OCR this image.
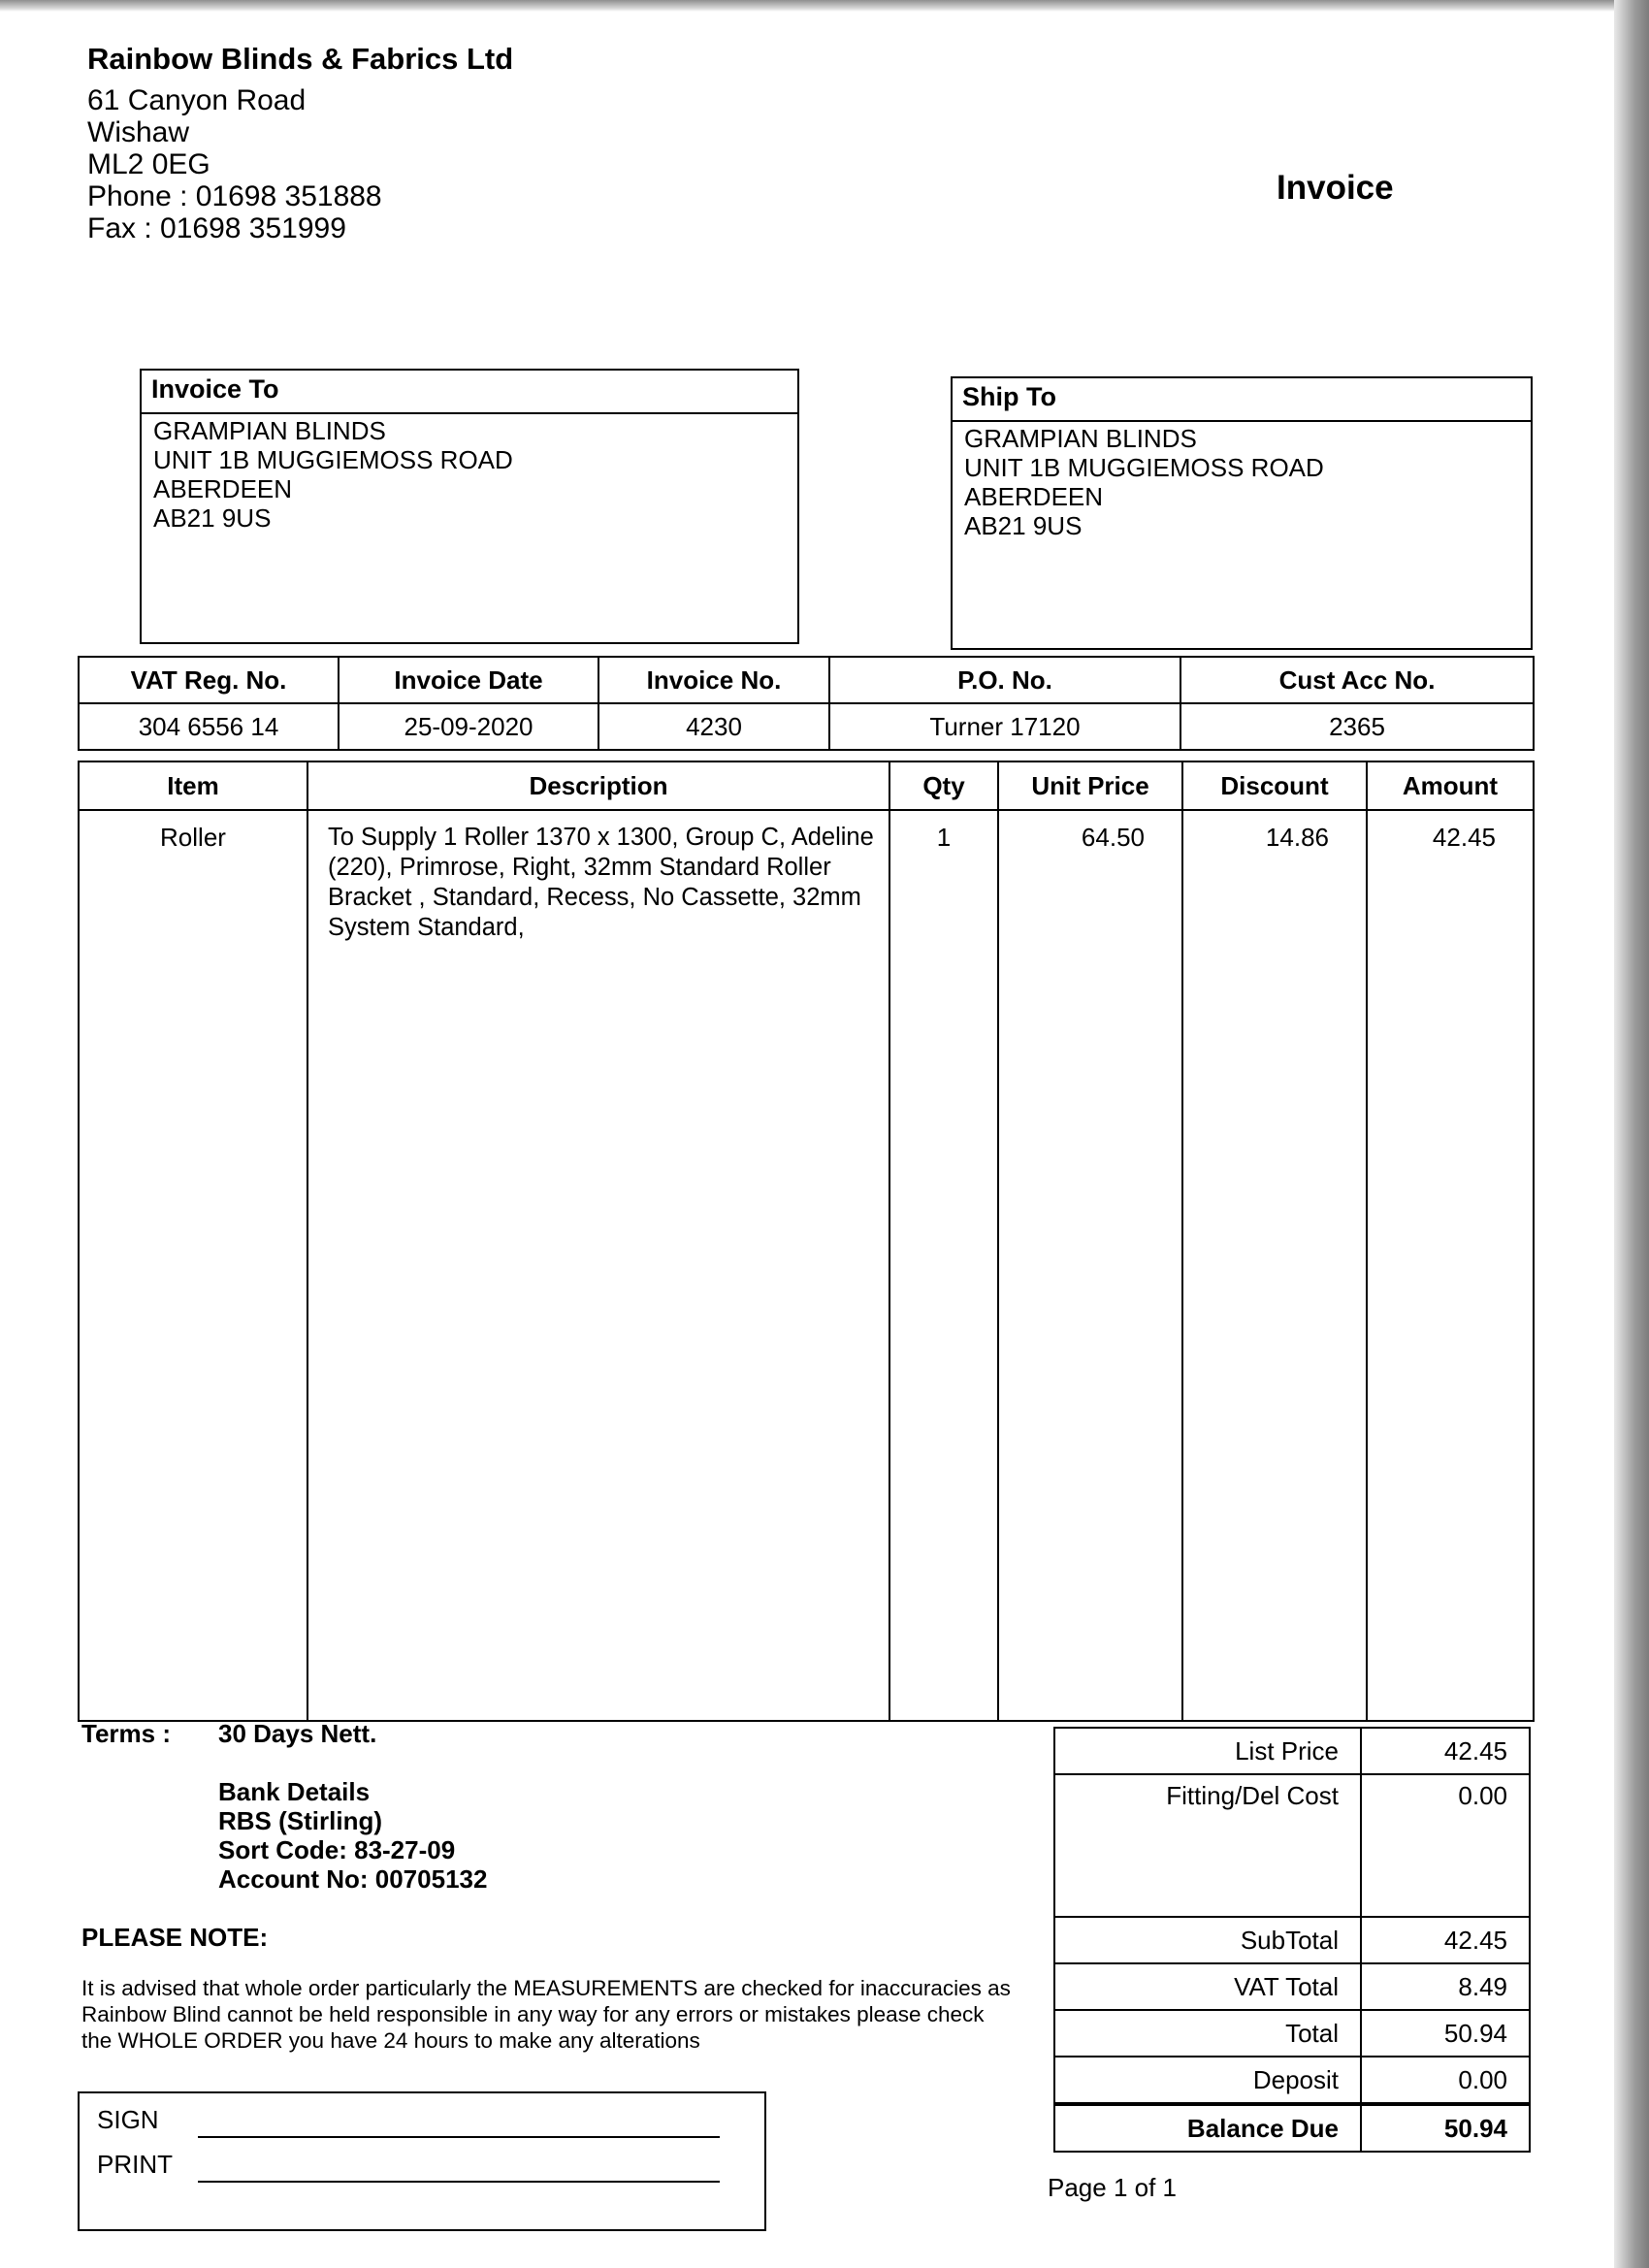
Rainbow Blinds & Fabrics Ltd
61 Canyon Road
Wishaw
ML2 0EG
Phone : 01698 351888
Fax : 01698 351999
Invoice
Invoice To
GRAMPIAN BLINDS
UNIT 1B MUGGIEMOSS ROAD
ABERDEEN
AB21 9US
Ship To
GRAMPIAN BLINDS
UNIT 1B MUGGIEMOSS ROAD
ABERDEEN
AB21 9US
VAT Reg. No.	Invoice Date	Invoice No.	P.O. No.	Cust Acc No.
304 6556 14	25-09-2020	4230	Turner 17120	2365
Item	Description	Qty	Unit Price	Discount	Amount
Roller	To Supply 1 Roller 1370 x 1300, Group C, Adeline (220), Primrose, Right, 32mm Standard Roller Bracket , Standard, Recess, No Cassette, 32mm System Standard,	1	64.50	14.86	42.45
Terms : 30 Days Nett.
Bank Details
RBS (Stirling)
Sort Code: 83-27-09
Account No: 00705132
PLEASE NOTE:
It is advised that whole order particularly the MEASUREMENTS are checked for inaccuracies as Rainbow Blind cannot be held responsible in any way for any errors or mistakes please check the WHOLE ORDER you have 24 hours to make any alterations
SIGN
PRINT
List Price	42.45
Fitting/Del Cost	0.00
SubTotal	42.45
VAT Total	8.49
Total	50.94
Deposit	0.00
Balance Due	50.94
Page 1 of 1
